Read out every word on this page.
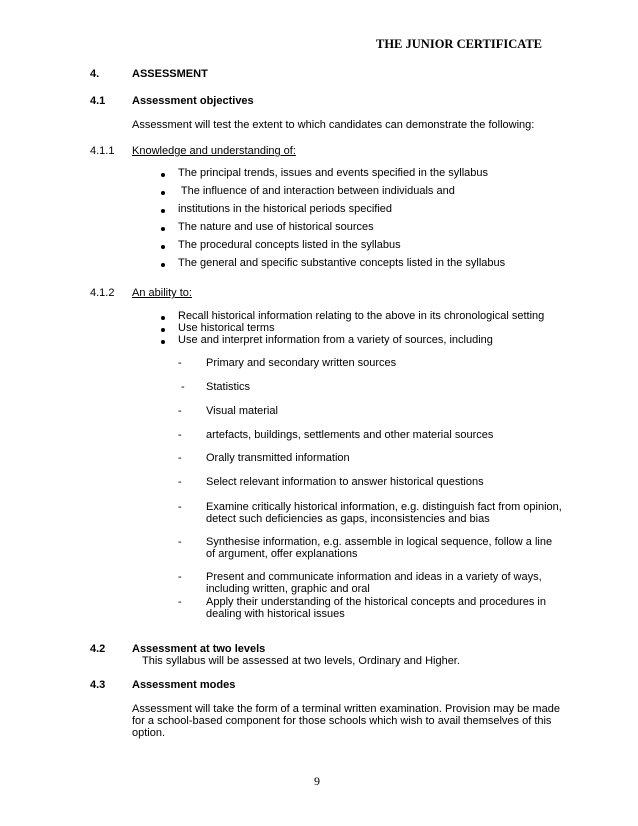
THE JUNIOR CERTIFICATE
4.	ASSESSMENT
4.1 Assessment objectives
Assessment will test the extent to which candidates can demonstrate the following:
4.1.1 Knowledge and understanding of:
The principal trends, issues and events specified in the syllabus
The influence of and interaction between individuals and
institutions in the historical periods specified
The nature and use of historical sources
The procedural concepts listed in the syllabus
The general and specific substantive concepts listed in the syllabus
4.1.2 An ability to:
Recall historical information relating to the above in its chronological setting
Use historical terms
Use and interpret information from a variety of sources, including
- Primary and secondary written sources
- Statistics
- Visual material
- artefacts, buildings, settlements and other material sources
- Orally transmitted information
- Select relevant information to answer historical questions
- Examine critically historical information, e.g. distinguish fact from opinion,
detect such deficiencies as gaps, inconsistencies and bias
- Synthesise information, e.g. assemble in logical sequence, follow a line
of argument, offer explanations
- Present and communicate information and ideas in a variety of ways,
including written, graphic and oral
- Apply their understanding of the historical concepts and procedures in
dealing with historical issues
4.2 Assessment at two levels
This syllabus will be assessed at two levels, Ordinary and Higher.
4.3 Assessment modes
Assessment will take the form of a terminal written examination. Provision may be made
for a school-based component for those schools which wish to avail themselves of this
option.
9
